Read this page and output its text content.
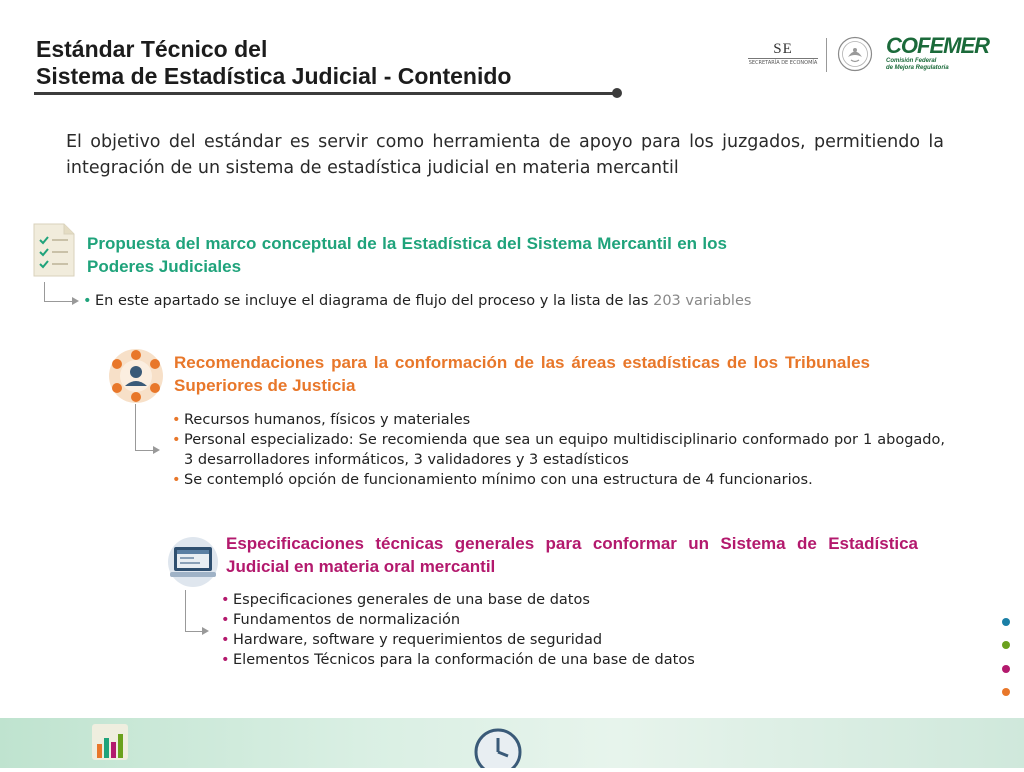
Estándar Técnico del
Sistema de Estadística Judicial - Contenido
SE
SECRETARÍA DE ECONOMÍA
COFEMER
Comisión Federal
de Mejora Regulatoria
El objetivo del estándar es servir como herramienta de apoyo para los juzgados, permitiendo la integración de un sistema de estadística judicial en materia mercantil
Propuesta del marco conceptual de la Estadística del Sistema Mercantil en los Poderes Judiciales
• En este apartado se incluye el diagrama de flujo del proceso y la lista de las 203 variables
Recomendaciones para la conformación de las áreas estadísticas de los Tribunales Superiores de Justicia
• Recursos humanos, físicos y materiales
• Personal especializado: Se recomienda que sea un equipo multidisciplinario conformado por 1 abogado, 3 desarrolladores informáticos, 3 validadores y 3 estadísticos
• Se contempló opción de funcionamiento mínimo con una estructura de 4 funcionarios.
Especificaciones técnicas generales para conformar un Sistema de Estadística Judicial en materia oral mercantil
• Especificaciones generales de una base de datos
• Fundamentos de normalización
• Hardware, software y requerimientos de seguridad
• Elementos Técnicos para la conformación de una base de datos
